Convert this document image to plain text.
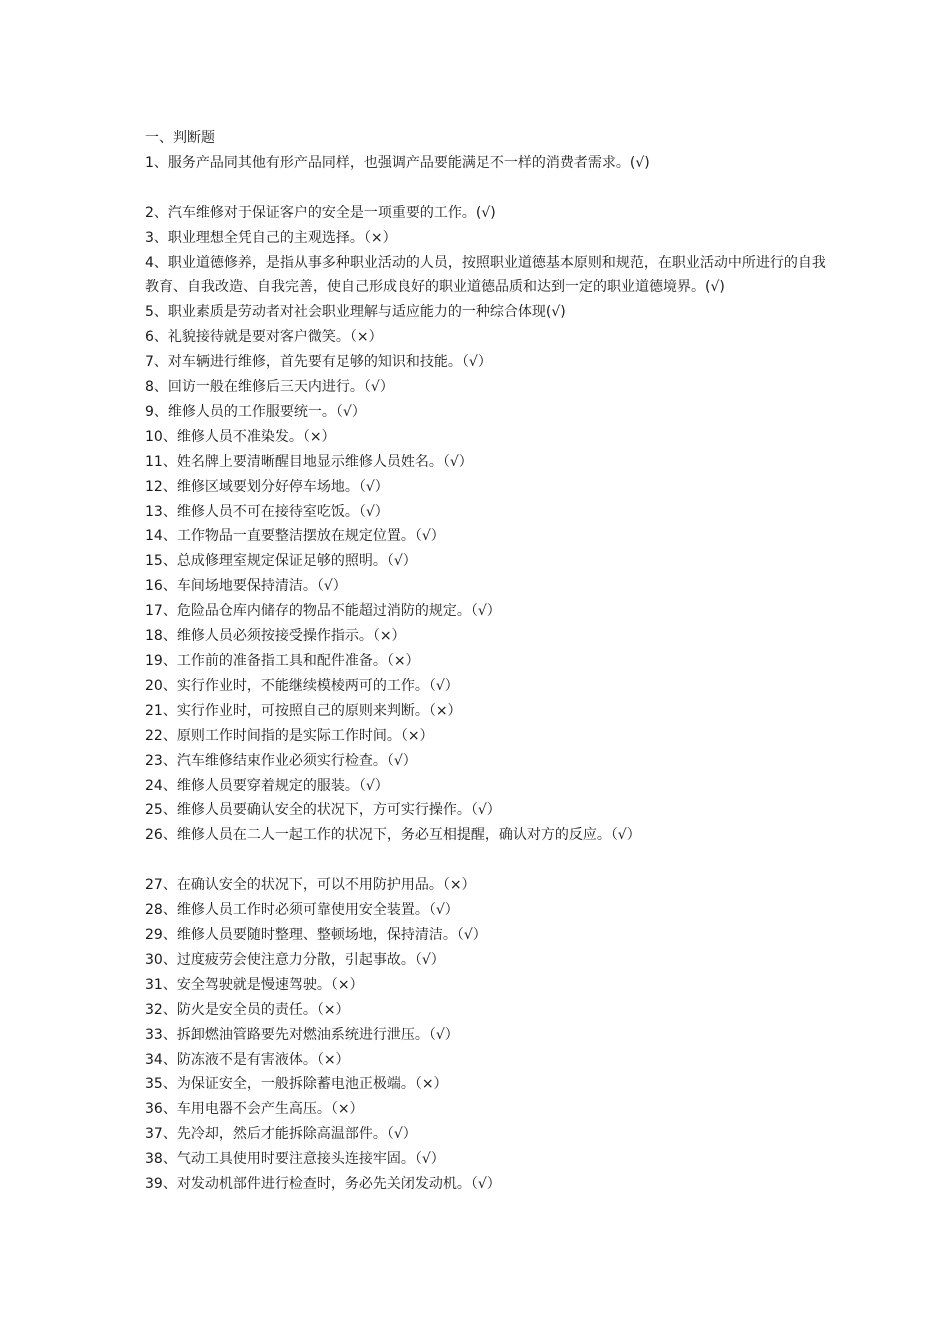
一、判断题
1、服务产品同其他有形产品同样，也强调产品要能满足不一样的消费者需求。(√)
2、汽车维修对于保证客户的安全是一项重要的工作。(√)
3、职业理想全凭自己的主观选择。（×）
4、职业道德修养，是指从事多种职业活动的人员，按照职业道德基本原则和规范，在职业活动中所进行的自我教育、自我改造、自我完善，使自己形成良好的职业道德品质和达到一定的职业道德境界。(√)
5、职业素质是劳动者对社会职业理解与适应能力的一种综合体现(√)
6、礼貌接待就是要对客户微笑。（×）
7、对车辆进行维修，首先要有足够的知识和技能。（√）
8、回访一般在维修后三天内进行。（√）
9、维修人员的工作服要统一。（√）
10、维修人员不准染发。（×）
11、姓名牌上要清晰醒目地显示维修人员姓名。（√）
12、维修区域要划分好停车场地。（√）
13、维修人员不可在接待室吃饭。（√）
14、工作物品一直要整洁摆放在规定位置。（√）
15、总成修理室规定保证足够的照明。（√）
16、车间场地要保持清洁。（√）
17、危险品仓库内储存的物品不能超过消防的规定。（√）
18、维修人员必须按接受操作指示。（×）
19、工作前的准备指工具和配件准备。（×）
20、实行作业时，不能继续模棱两可的工作。（√）
21、实行作业时，可按照自己的原则来判断。（×）
22、原则工作时间指的是实际工作时间。（×）
23、汽车维修结束作业必须实行检查。（√）
24、维修人员要穿着规定的服装。（√）
25、维修人员要确认安全的状况下，方可实行操作。（√）
26、维修人员在二人一起工作的状况下，务必互相提醒，确认对方的反应。（√）
27、在确认安全的状况下，可以不用防护用品。（×）
28、维修人员工作时必须可靠使用安全装置。（√）
29、维修人员要随时整理、整顿场地，保持清洁。（√）
30、过度疲劳会使注意力分散，引起事故。（√）
31、安全驾驶就是慢速驾驶。（×）
32、防火是安全员的责任。（×）
33、拆卸燃油管路要先对燃油系统进行泄压。（√）
34、防冻液不是有害液体。（×）
35、为保证安全，一般拆除蓄电池正极端。（×）
36、车用电器不会产生高压。（×）
37、先冷却，然后才能拆除高温部件。（√）
38、气动工具使用时要注意接头连接牢固。（√）
39、对发动机部件进行检查时，务必先关闭发动机。（√）
